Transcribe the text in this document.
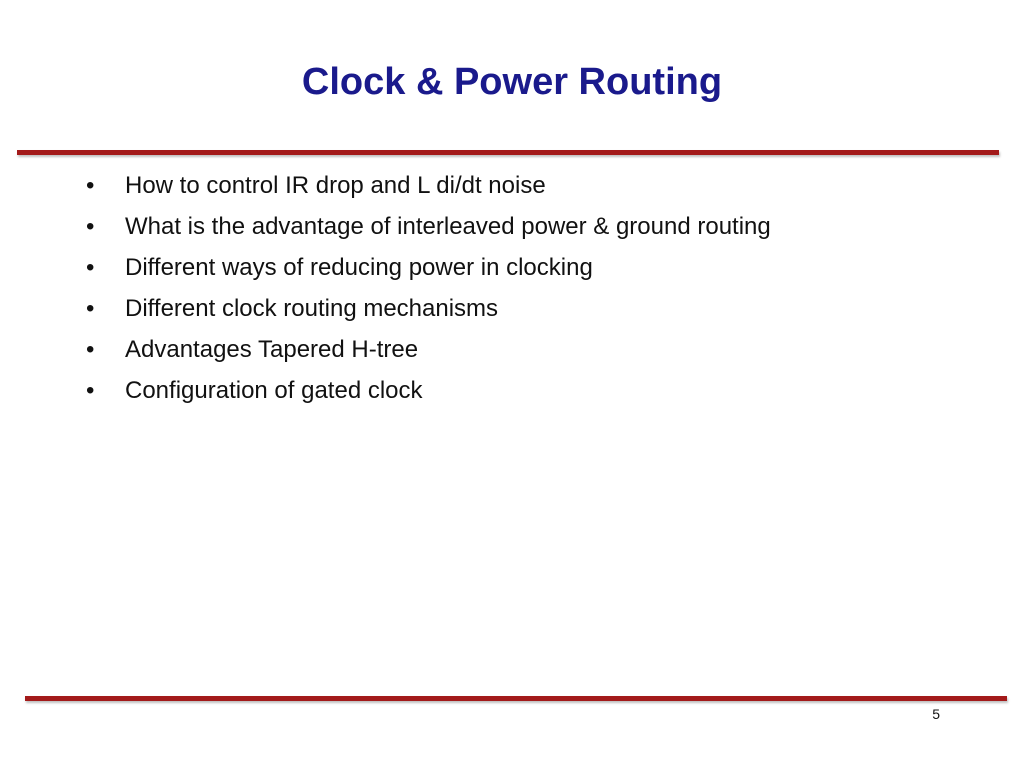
Clock & Power Routing
•	How to control IR drop and L di/dt noise
•	What is the advantage of interleaved power & ground routing
•	Different ways of reducing power in clocking
•	Different clock routing mechanisms
•	Advantages Tapered H-tree
•	Configuration of gated clock
5
